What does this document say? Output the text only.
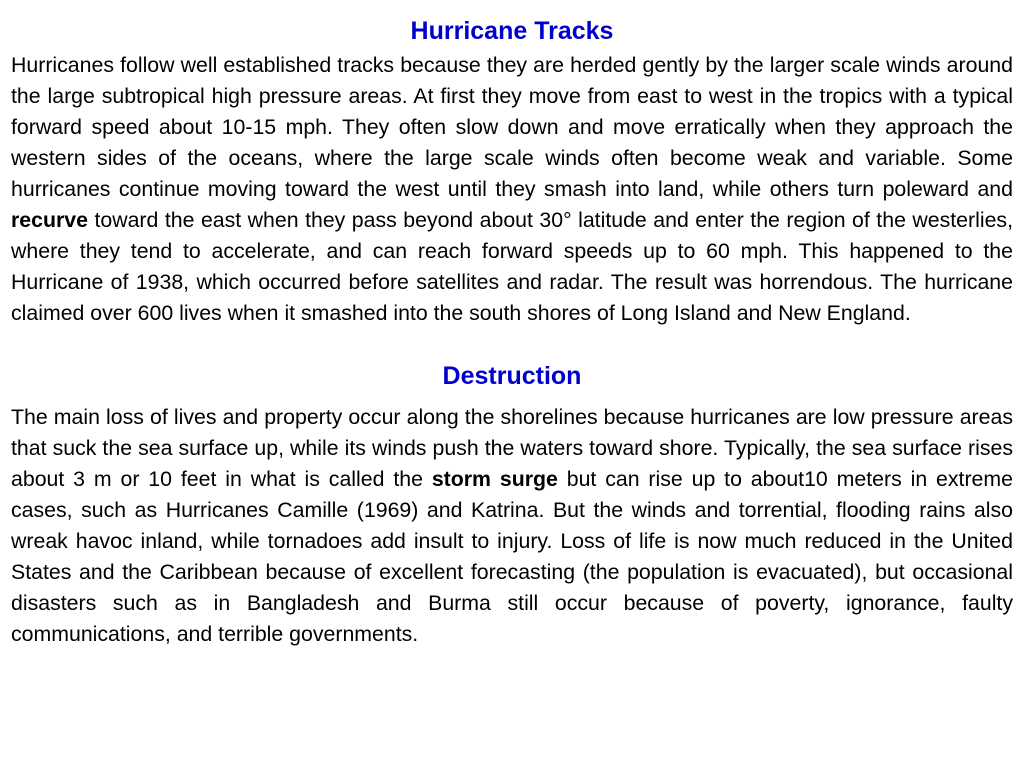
Hurricane Tracks

Hurricanes follow well established tracks because they are herded gently by the larger scale winds around the large subtropical high pressure areas. At first they move from east to west in the tropics with a typical forward speed about 10-15 mph. They often slow down and move erratically when they approach the western sides of the oceans, where the large scale winds often become weak and variable. Some hurricanes continue moving toward the west until they smash into land, while others turn poleward and recurve toward the east when they pass beyond about 30° latitude and enter the region of the westerlies, where they tend to accelerate, and can reach forward speeds up to 60 mph. This happened to the Hurricane of 1938, which occurred before satellites and radar. The result was horrendous. The hurricane claimed over 600 lives when it smashed into the south shores of Long Island and New England.

Destruction

The main loss of lives and property occur along the shorelines because hurricanes are low pressure areas that suck the sea surface up, while its winds push the waters toward shore. Typically, the sea surface rises about 3 m or 10 feet in what is called the storm surge but can rise up to about10 meters in extreme cases, such as Hurricanes Camille (1969) and Katrina. But the winds and torrential, flooding rains also wreak havoc inland, while tornadoes add insult to injury. Loss of life is now much reduced in the United States and the Caribbean because of excellent forecasting (the population is evacuated), but occasional disasters such as in Bangladesh and Burma still occur because of poverty, ignorance, faulty communications, and terrible governments.
